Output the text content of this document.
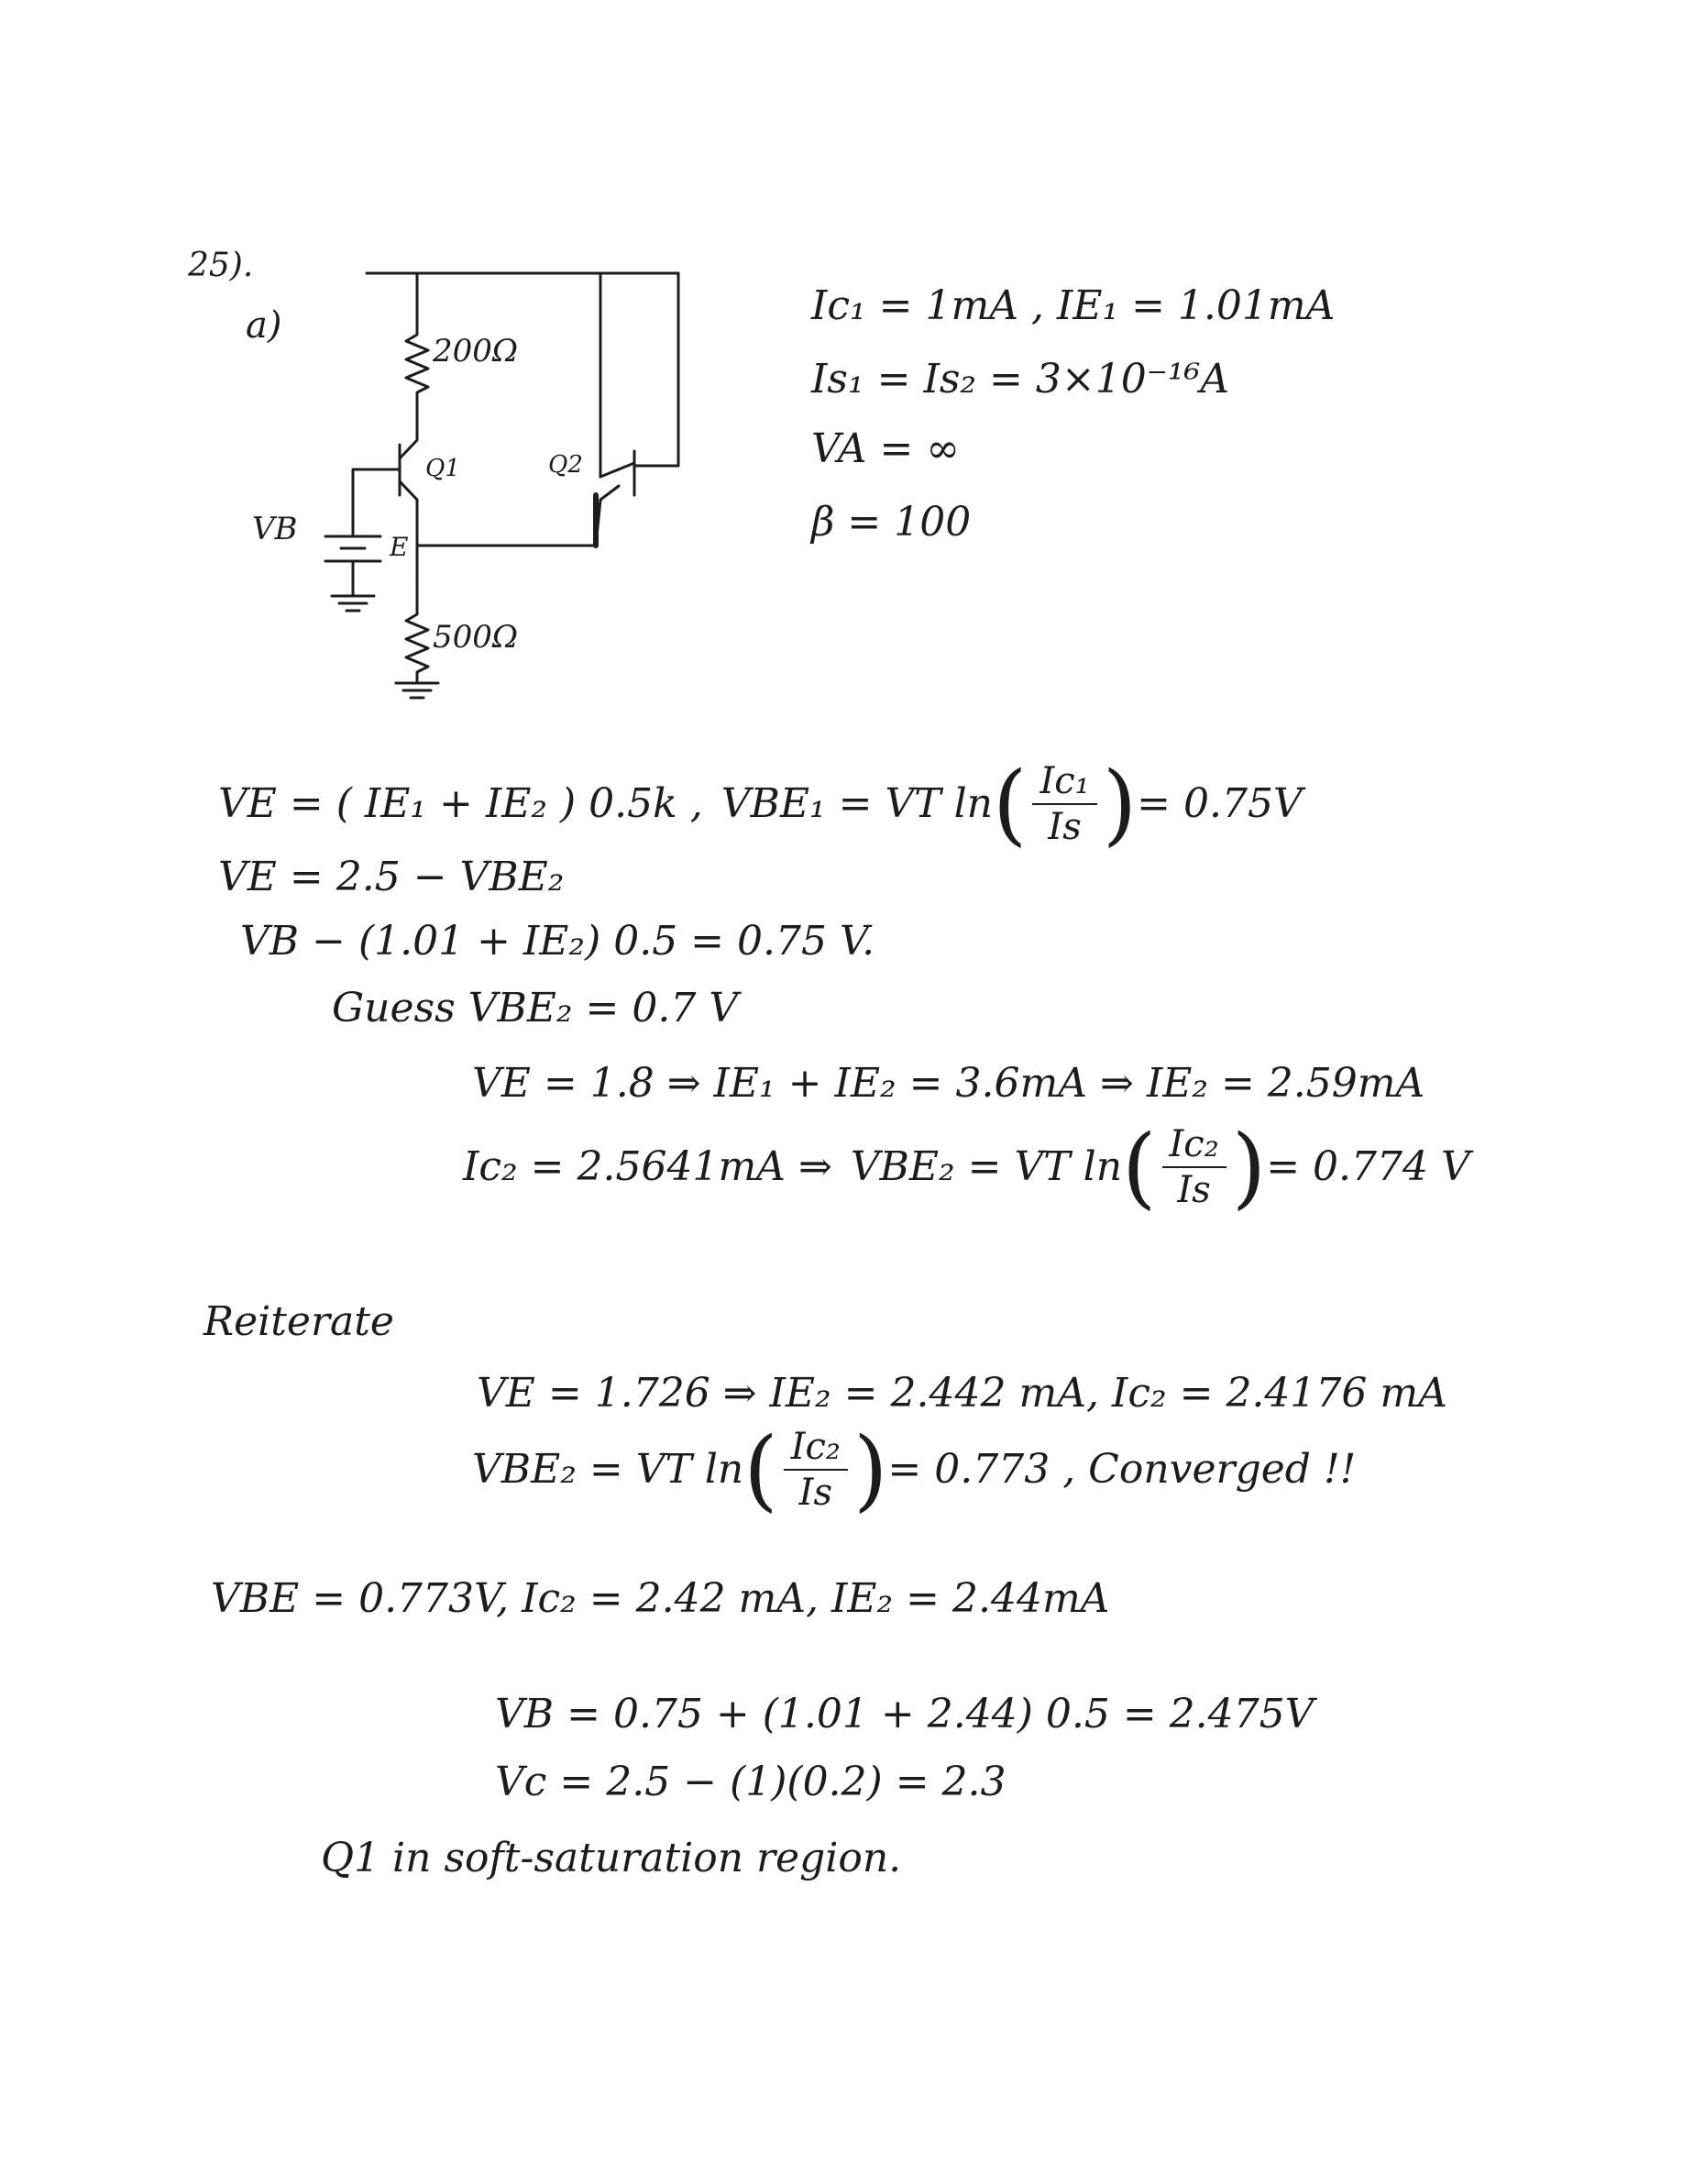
25).
a)
200Ω
500Ω
Q1	Q2
VB	E
Ic₁ = 1mA , IE₁ = 1.01mA
Is₁ = Is₂ = 3×10⁻¹⁶A
VA = ∞
β = 100
VE = ( IE₁ + IE₂ ) 0.5k , VBE₁ = VT ln ( $\frac{\text{Ic₁}}{Is}$ ) = 0.75V
VE = 2.5 − VBE₂
VB − (1.01 + IE₂) 0.5 = 0.75 V.
Guess VBE₂ = 0.7 V
VE = 1.8 ⇒ IE₁ + IE₂ = 3.6mA ⇒ IE₂ = 2.59mA
Ic₂ = 2.5641mA ⇒ VBE₂ = VT ln ( $\frac{\text{Ic₂}}{Is}$ ) = 0.774 V
Reiterate
VE = 1.726 ⇒ IE₂ = 2.442 mA, Ic₂ = 2.4176 mA
VBE₂ = VT ln ( $\frac{\text{Ic₂}}{Is}$ ) = 0.773 , Converged !!
VBE = 0.773V, Ic₂ = 2.42 mA, IE₂ = 2.44mA
VB = 0.75 + (1.01 + 2.44) 0.5 = 2.475V
Vc = 2.5 − (1)(0.2) = 2.3
Q1 in soft-saturation region.
